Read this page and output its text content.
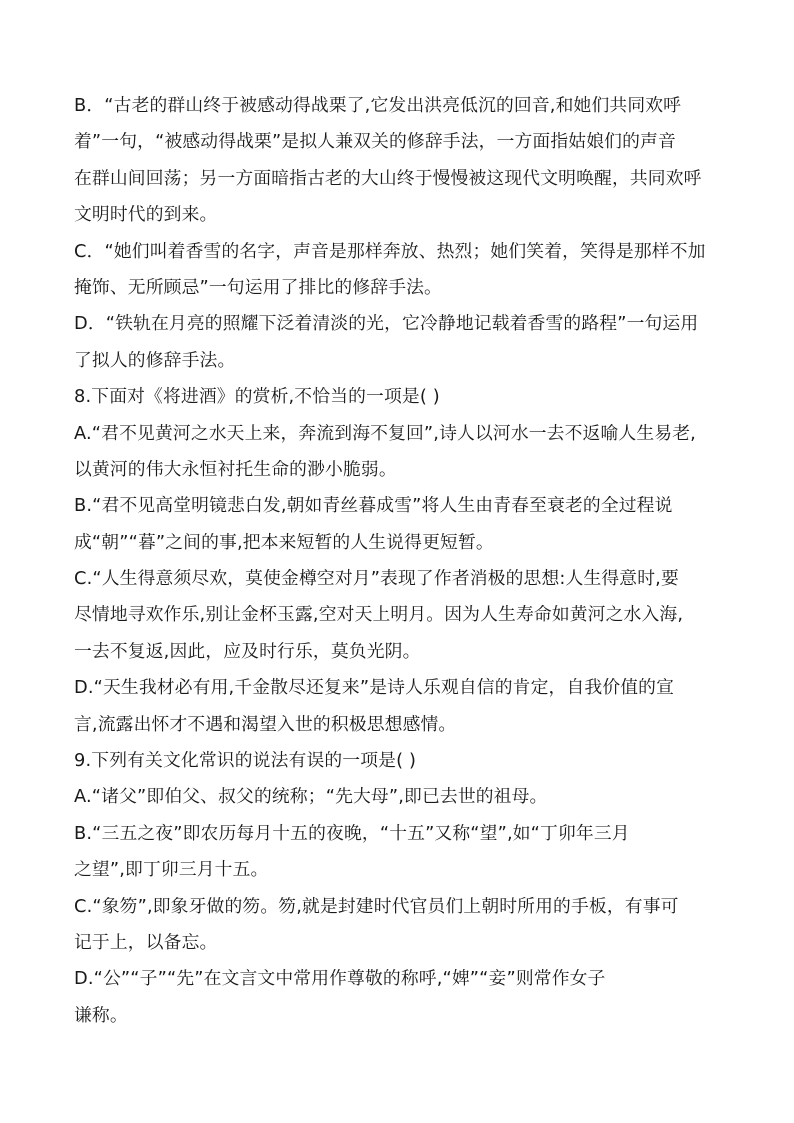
B．“古老的群山终于被感动得战栗了,它发出洪亮低沉的回音,和她们共同欢呼
着”一句，“被感动得战栗”是拟人兼双关的修辞手法，一方面指姑娘们的声音
在群山间回荡；另一方面暗指古老的大山终于慢慢被这现代文明唤醒，共同欢呼
文明时代的到来。
C．“她们叫着香雪的名字，声音是那样奔放、热烈；她们笑着，笑得是那样不加
掩饰、无所顾忌”一句运用了排比的修辞手法。
D．“铁轨在月亮的照耀下泛着清淡的光，它冷静地记载着香雪的路程”一句运用
了拟人的修辞手法。
8.下面对《将进酒》的赏析,不恰当的一项是( )
A.“君不见黄河之水天上来，奔流到海不复回”,诗人以河水一去不返喻人生易老,
以黄河的伟大永恒衬托生命的渺小脆弱。
B.“君不见高堂明镜悲白发,朝如青丝暮成雪”将人生由青春至衰老的全过程说
成“朝”“暮”之间的事,把本来短暂的人生说得更短暂。
C.“人生得意须尽欢，莫使金樽空对月”表现了作者消极的思想:人生得意时,要
尽情地寻欢作乐,别让金杯玉露,空对天上明月。因为人生寿命如黄河之水入海,
一去不复返,因此，应及时行乐，莫负光阴。
D.“天生我材必有用,千金散尽还复来”是诗人乐观自信的肯定，自我价值的宣
言,流露出怀才不遇和渴望入世的积极思想感情。
9.下列有关文化常识的说法有误的一项是( )
A.“诸父”即伯父、叔父的统称；“先大母”,即已去世的祖母。
B.“三五之夜”即农历每月十五的夜晚，“十五”又称“望”,如“丁卯年三月
之望”,即丁卯三月十五。
C.“象笏”,即象牙做的笏。笏,就是封建时代官员们上朝时所用的手板，有事可
记于上，以备忘。
D.“公”“子”“先”在文言文中常用作尊敬的称呼,“婢”“妾”则常作女子
谦称。
